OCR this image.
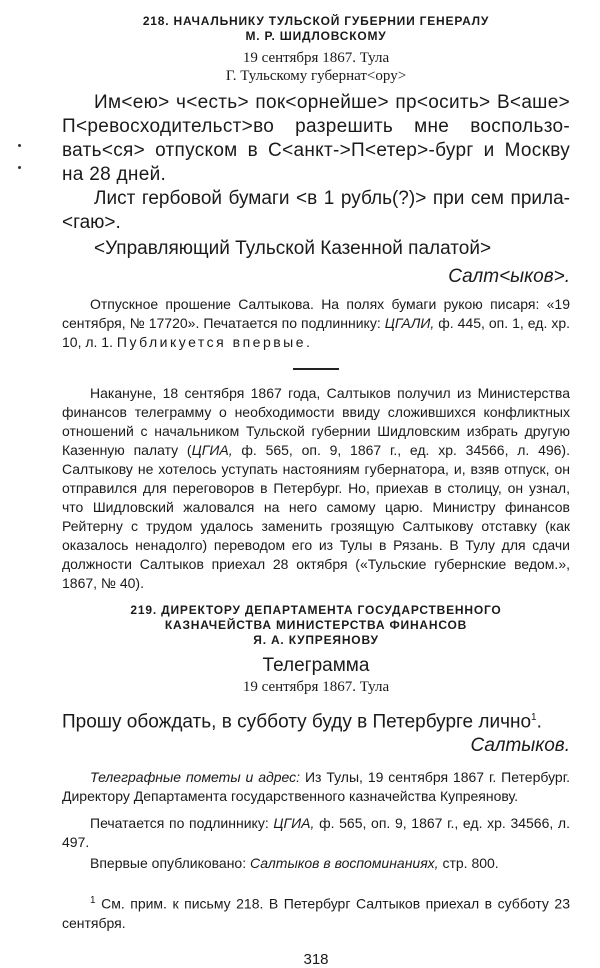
218. НАЧАЛЬНИКУ ТУЛЬСКОЙ ГУБЕРНИИ ГЕНЕРАЛУ
М. Р. ШИДЛОВСКОМУ
19 сентября 1867. Тула
Г. Тульскому губернат<ору>

Им<ею> ч<есть> пок<орнейше> пр<осить> В<аше> П<ревосходительст>во разрешить мне воспользо-вать<ся> отпуском в С<анкт->П<етер>-бург и Москву на 28 дней.

Лист гербовой бумаги <в 1 рубль(?)> при сем прила-<гаю>.

<Управляющий Тульской Казенной палатой>

Салт<ыков>.

Отпускное прошение Салтыкова. На полях бумаги рукою писаря: «19 сентября, № 17720». Печатается по подлиннику: ЦГАЛИ, ф. 445, оп. 1, ед. хр. 10, л. 1. Публикуется впервые.

Накануне, 18 сентября 1867 года, Салтыков получил из Министерства финансов телеграмму о необходимости ввиду сложившихся конфликтных отношений с начальником Тульской губернии Шидловским избрать другую Казенную палату (ЦГИА, ф. 565, оп. 9, 1867 г., ед. хр. 34566, л. 496). Салтыкову не хотелось уступать настояниям губернатора, и, взяв отпуск, он отправился для переговоров в Петербург. Но, приехав в столицу, он узнал, что Шидловский жаловался на него самому царю. Министру финансов Рейтерну с трудом удалось заменить грозящую Салтыкову отставку (как оказалось ненадолго) переводом его из Тулы в Рязань. В Тулу для сдачи должности Салтыков приехал 28 октября («Тульские губернские ведом.», 1867, № 40).

219. ДИРЕКТОРУ ДЕПАРТАМЕНТА ГОСУДАРСТВЕННОГО
КАЗНАЧЕЙСТВА МИНИСТЕРСТВА ФИНАНСОВ
Я. А. КУПРЕЯНОВУ
Телеграмма
19 сентября 1867. Тула

Прошу обождать, в субботу буду в Петербурге лично$^1$.

Салтыков.

Телеграфные пометы и адрес: Из Тулы, 19 сентября 1867 г. Петербург. Директору Департамента государственного казначейства Купреянову.

Печатается по подлиннику: ЦГИА, ф. 565, оп. 9, 1867 г., ед. хр. 34566, л. 497.

Впервые опубликовано: Салтыков в воспоминаниях, стр. 800.

$^1$ См. прим. к письму 218. В Петербург Салтыков приехал в субботу 23 сентября.

318
